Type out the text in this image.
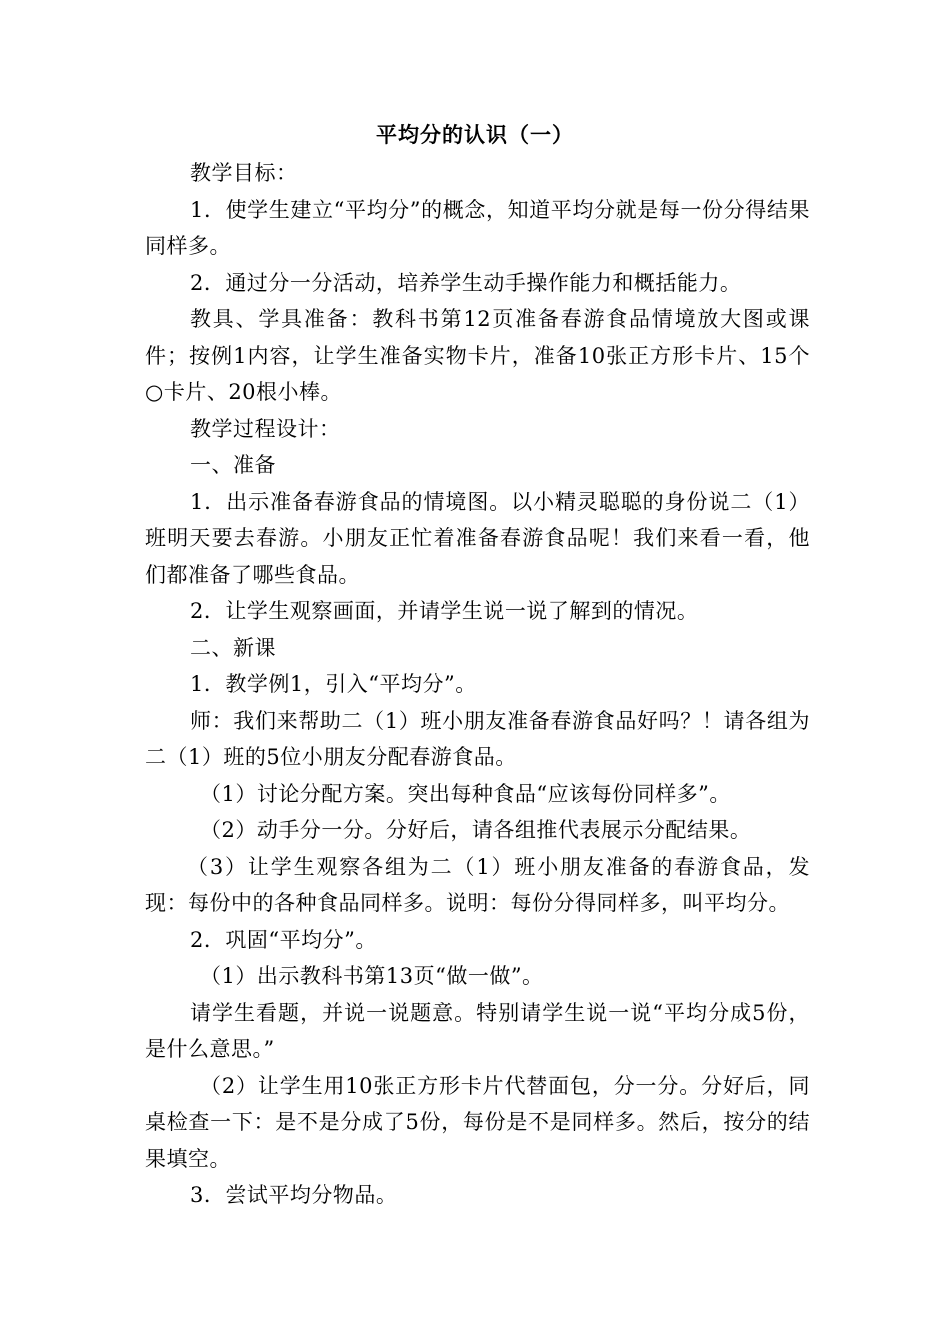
平均分的认识（一）

教学目标：

1．使学生建立“平均分”的概念，知道平均分就是每一份分得结果同样多。

2．通过分一分活动，培养学生动手操作能力和概括能力。

教具、学具准备：教科书第12页准备春游食品情境放大图或课件；按例1内容，让学生准备实物卡片，准备10张正方形卡片、15个○卡片、20根小棒。

教学过程设计：

一、准备

1．出示准备春游食品的情境图。以小精灵聪聪的身份说二（1）班明天要去春游。小朋友正忙着准备春游食品呢！我们来看一看，他们都准备了哪些食品。

2．让学生观察画面，并请学生说一说了解到的情况。

二、新课

1．教学例1，引入“平均分”。

师：我们来帮助二（1）班小朋友准备春游食品好吗？！请各组为二（1）班的5位小朋友分配春游食品。

（1）讨论分配方案。突出每种食品“应该每份同样多”。

（2）动手分一分。分好后，请各组推代表展示分配结果。

（3）让学生观察各组为二（1）班小朋友准备的春游食品，发现：每份中的各种食品同样多。说明：每份分得同样多，叫平均分。

2．巩固“平均分”。

（1）出示教科书第13页“做一做”。

请学生看题，并说一说题意。特别请学生说一说“平均分成5份，是什么意思。”

（2）让学生用10张正方形卡片代替面包，分一分。分好后，同桌检查一下：是不是分成了5份，每份是不是同样多。然后，按分的结果填空。

3．尝试平均分物品。
